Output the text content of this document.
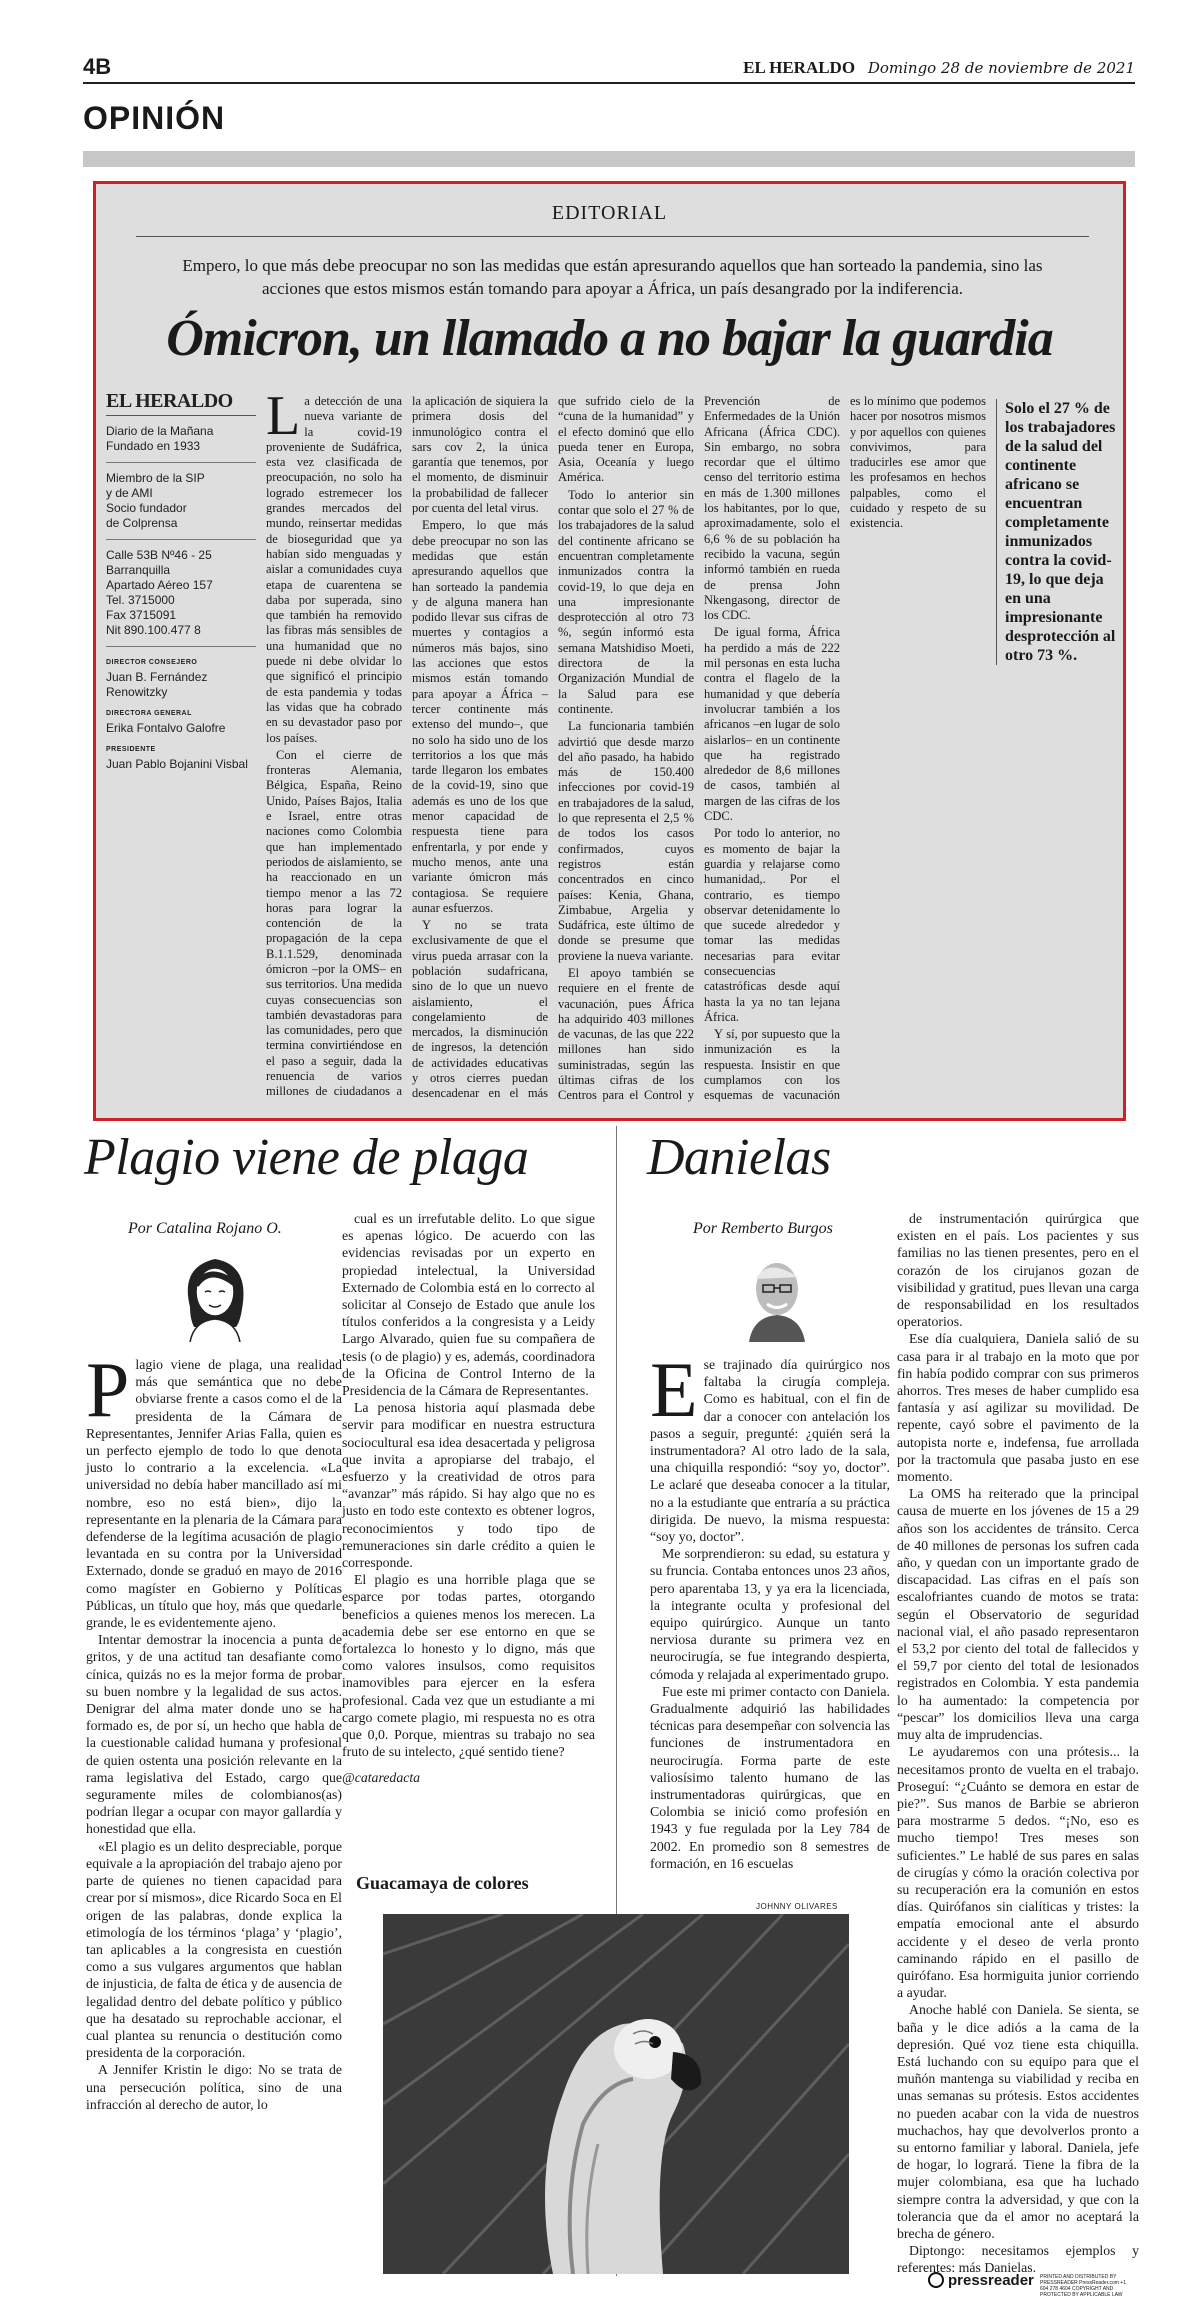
4B	EL HERALDO Domingo 28 de noviembre de 2021
OPINIÓN
EDITORIAL
Empero, lo que más debe preocupar no son las medidas que están apresurando aquellos que han sorteado la pandemia, sino las acciones que estos mismos están tomando para apoyar a África, un país desangrado por la indiferencia.
Ómicron, un llamado a no bajar la guardia
EL HERALDO

Diario de la Mañana

Fundado en 1933

Miembro de la SIP

y de AMI

Socio fundador

de Colprensa

Calle 53B Nº46 - 25

Barranquilla

Apartado Aéreo 157

Tel. 3715000

Fax 3715091

Nit 890.100.477 8

DIRECTOR CONSEJERO
Juan B. Fernández Renowitzky
DIRECTORA GENERAL
Erika Fontalvo Galofre
PRESIDENTE
Juan Pablo Bojanini Visbal

La detección de una nueva variante de la covid-19 proveniente de Sudáfrica, esta vez clasificada de preocupación, no solo ha logrado estremecer los grandes mercados del mundo, reinsertar medidas de bioseguridad que ya habían sido menguadas y aislar a comunidades cuya etapa de cuarentena se daba por superada, sino que también ha removido las fibras más sensibles de una humanidad que no puede ni debe olvidar lo que significó el principio de esta pandemia y todas las vidas que ha cobrado en su devastador paso por los países.

Con el cierre de fronteras Alemania, Bélgica, España, Reino Unido, Países Bajos, Italia e Israel, entre otras naciones como Colombia que han implementado periodos de aislamiento, se ha reaccionado en un tiempo menor a las 72 horas para lograr la contención de la propagación de la cepa B.1.1.529, denominada ómicron –por la OMS– en sus territorios. Una medida cuyas consecuencias son también devastadoras para las comunidades, pero que termina convirtiéndose en el paso a seguir, dada la renuencia de varios millones de ciudadanos a la aplicación de siquiera la primera dosis del inmunológico contra el sars cov 2, la única garantía que tenemos, por el momento, de disminuir la probabilidad de fallecer por cuenta del letal virus.

Empero, lo que más debe preocupar no son las medidas que están apresurando aquellos que han sorteado la pandemia y de alguna manera han podido llevar sus cifras de muertes y contagios a números más bajos, sino las acciones que estos mismos están tomando para apoyar a África –tercer continente más extenso del mundo–, que no solo ha sido uno de los territorios a los que más tarde llegaron los embates de la covid-19, sino que además es uno de los que menor capacidad de respuesta tiene para enfrentarla, y por ende y mucho menos, ante una variante ómicron más contagiosa. Se requiere aunar esfuerzos.

Y no se trata exclusivamente de que el virus pueda arrasar con la población sudafricana, sino de lo que un nuevo aislamiento, el congelamiento de mercados, la disminución de ingresos, la detención de actividades educativas y otros cierres puedan desencadenar en el más que sufrido cielo de la “cuna de la humanidad” y el efecto dominó que ello pueda tener en Europa, Asia, Oceanía y luego América.

Todo lo anterior sin contar que solo el 27 % de los trabajadores de la salud del continente africano se encuentran completamente inmunizados contra la covid-19, lo que deja en una impresionante desprotección al otro 73 %, según informó esta semana Matshidiso Moeti, directora de la Organización Mundial de la Salud para ese continente.

La funcionaria también advirtió que desde marzo del año pasado, ha habido más de 150.400 infecciones por covid-19 en trabajadores de la salud, lo que representa el 2,5 % de todos los casos confirmados, cuyos registros están concentrados en cinco países: Kenia, Ghana, Zimbabue, Argelia y Sudáfrica, este último de donde se presume que proviene la nueva variante.

El apoyo también se requiere en el frente de vacunación, pues África ha adquirido 403 millones de vacunas, de las que 222 millones han sido suministradas, según las últimas cifras de los Centros para el Control y Prevención de Enfermedades de la Unión Africana (África CDC). Sin embargo, no sobra recordar que el último censo del territorio estima en más de 1.300 millones los habitantes, por lo que, aproximadamente, solo el 6,6 % de su población ha recibido la vacuna, según informó también en rueda de prensa John Nkengasong, director de los CDC.

De igual forma, África ha perdido a más de 222 mil personas en esta lucha contra el flagelo de la humanidad y que debería involucrar también a los africanos –en lugar de solo aislarlos– en un continente que ha registrado alrededor de 8,6 millones de casos, también al margen de las cifras de los CDC.

Por todo lo anterior, no es momento de bajar la guardia y relajarse como humanidad,. Por el contrario, es tiempo observar detenidamente lo que sucede alrededor y tomar las medidas necesarias para evitar consecuencias catastróficas desde aquí hasta la ya no tan lejana África.

Y sí, por supuesto que la inmunización es la respuesta. Insistir en que cumplamos con los esquemas de vacunación es lo mínimo que podemos hacer por nosotros mismos y por aquellos con quienes convivimos, para traducirles ese amor que les profesamos en hechos palpables, como el cuidado y respeto de su existencia.

Solo el 27 % de los trabajadores de la salud del continente africano se encuentran completamente inmunizados contra la covid-19, lo que deja en una impresionante desprotección al otro 73 %.
Plagio viene de plaga
Por Catalina Rojano O.

Plagio viene de plaga, una realidad más que semántica que no debe obviarse frente a casos como el de la presidenta de la Cámara de Representantes, Jennifer Arias Falla, quien es un perfecto ejemplo de todo lo que denota justo lo contrario a la excelencia. «La universidad no debía haber mancillado así mi nombre, eso no está bien», dijo la representante en la plenaria de la Cámara para defenderse de la legítima acusación de plagio levantada en su contra por la Universidad Externado, donde se graduó en mayo de 2016 como magíster en Gobierno y Políticas Públicas, un título que hoy, más que quedarle grande, le es evidentemente ajeno.

Intentar demostrar la inocencia a punta de gritos, y de una actitud tan desafiante como cínica, quizás no es la mejor forma de probar su buen nombre y la legalidad de sus actos. Denigrar del alma mater donde uno se ha formado es, de por sí, un hecho que habla de la cuestionable calidad humana y profesional de quien ostenta una posición relevante en la rama legislativa del Estado, cargo que seguramente miles de colombianos(as) podrían llegar a ocupar con mayor gallardía y honestidad que ella.

«El plagio es un delito despreciable, porque equivale a la apropiación del trabajo ajeno por parte de quienes no tienen capacidad para crear por sí mismos», dice Ricardo Soca en El origen de las palabras, donde explica la etimología de los términos ‘plaga’ y ‘plagio’, tan aplicables a la congresista en cuestión como a sus vulgares argumentos que hablan de injusticia, de falta de ética y de ausencia de legalidad dentro del debate político y público que ha desatado su reprochable accionar, el cual plantea su renuncia o destitución como presidenta de la corporación.

A Jennifer Kristin le digo: No se trata de una persecución política, sino de una infracción al derecho de autor, lo

cual es un irrefutable delito. Lo que sigue es apenas lógico. De acuerdo con las evidencias revisadas por un experto en propiedad intelectual, la Universidad Externado de Colombia está en lo correcto al solicitar al Consejo de Estado que anule los títulos conferidos a la congresista y a Leidy Largo Alvarado, quien fue su compañera de tesis (o de plagio) y es, además, coordinadora de la Oficina de Control Interno de la Presidencia de la Cámara de Representantes.

La penosa historia aquí plasmada debe servir para modificar en nuestra estructura sociocultural esa idea desacertada y peligrosa que invita a apropiarse del trabajo, el esfuerzo y la creatividad de otros para “avanzar” más rápido. Si hay algo que no es justo en todo este contexto es obtener logros, reconocimientos y todo tipo de remuneraciones sin darle crédito a quien le corresponde.

El plagio es una horrible plaga que se esparce por todas partes, otorgando beneficios a quienes menos los merecen. La academia debe ser ese entorno en que se fortalezca lo honesto y lo digno, más que como valores insulsos, como requisitos inamovibles para ejercer en la esfera profesional. Cada vez que un estudiante a mi cargo comete plagio, mi respuesta no es otra que 0,0. Porque, mientras su trabajo no sea fruto de su intelecto, ¿qué sentido tiene?

@cataredacta

Guacamaya de colores
JOHNNY OLIVARES
Danielas
Por Remberto Burgos

Ese trajinado día quirúrgico nos faltaba la cirugía compleja. Como es habitual, con el fin de dar a conocer con antelación los pasos a seguir, pregunté: ¿quién será la instrumentadora? Al otro lado de la sala, una chiquilla respondió: “soy yo, doctor”. Le aclaré que deseaba conocer a la titular, no a la estudiante que entraría a su práctica dirigida. De nuevo, la misma respuesta: “soy yo, doctor”.

Me sorprendieron: su edad, su estatura y su fruncia. Contaba entonces unos 23 años, pero aparentaba 13, y ya era la licenciada, la integrante oculta y profesional del equipo quirúrgico. Aunque un tanto nerviosa durante su primera vez en neurocirugía, se fue integrando despierta, cómoda y relajada al experimentado grupo.

Fue este mi primer contacto con Daniela. Gradualmente adquirió las habilidades técnicas para desempeñar con solvencia las funciones de instrumentadora en neurocirugía. Forma parte de este valiosísimo talento humano de las instrumentadoras quirúrgicas, que en Colombia se inició como profesión en 1943 y fue regulada por la Ley 784 de 2002. En promedio son 8 semestres de formación, en 16 escuelas

de instrumentación quirúrgica que existen en el país. Los pacientes y sus familias no las tienen presentes, pero en el corazón de los cirujanos gozan de visibilidad y gratitud, pues llevan una carga de responsabilidad en los resultados operatorios.

Ese día cualquiera, Daniela salió de su casa para ir al trabajo en la moto que por fin había podido comprar con sus primeros ahorros. Tres meses de haber cumplido esa fantasía y así agilizar su movilidad. De repente, cayó sobre el pavimento de la autopista norte e, indefensa, fue arrollada por la tractomula que pasaba justo en ese momento.

La OMS ha reiterado que la principal causa de muerte en los jóvenes de 15 a 29 años son los accidentes de tránsito. Cerca de 40 millones de personas los sufren cada año, y quedan con un importante grado de discapacidad. Las cifras en el país son escalofriantes cuando de motos se trata: según el Observatorio de seguridad nacional vial, el año pasado representaron el 53,2 por ciento del total de fallecidos y el 59,7 por ciento del total de lesionados registrados en Colombia. Y esta pandemia lo ha aumentado: la competencia por “pescar” los domicilios lleva una carga muy alta de imprudencias.

Le ayudaremos con una prótesis... la necesitamos pronto de vuelta en el trabajo. Proseguí: “¿Cuánto se demora en estar de pie?”. Sus manos de Barbie se abrieron para mostrarme 5 dedos. “¡No, eso es mucho tiempo! Tres meses son suficientes.” Le hablé de sus pares en salas de cirugías y cómo la oración colectiva por su recuperación era la comunión en estos días. Quirófanos sin cialíticas y tristes: la empatía emocional ante el absurdo accidente y el deseo de verla pronto caminando rápido en el pasillo de quirófano. Esa hormiguita junior corriendo a ayudar.

Anoche hablé con Daniela. Se sienta, se baña y le dice adiós a la cama de la depresión. Qué voz tiene esta chiquilla. Está luchando con su equipo para que el muñón mantenga su viabilidad y reciba en unas semanas su prótesis. Estos accidentes no pueden acabar con la vida de nuestros muchachos, hay que devolverlos pronto a su entorno familiar y laboral. Daniela, jefe de hogar, lo logrará. Tiene la fibra de la mujer colombiana, esa que ha luchado siempre contra la adversidad, y que con la tolerancia que da el amor no aceptará la brecha de género.

Diptongo: necesitamos ejemplos y referentes: más Danielas.

pressreader PRINTED AND DISTRIBUTED BY PRESSREADER PressReader.com +1 604 278 4604 COPYRIGHT AND PROTECTED BY APPLICABLE LAW
